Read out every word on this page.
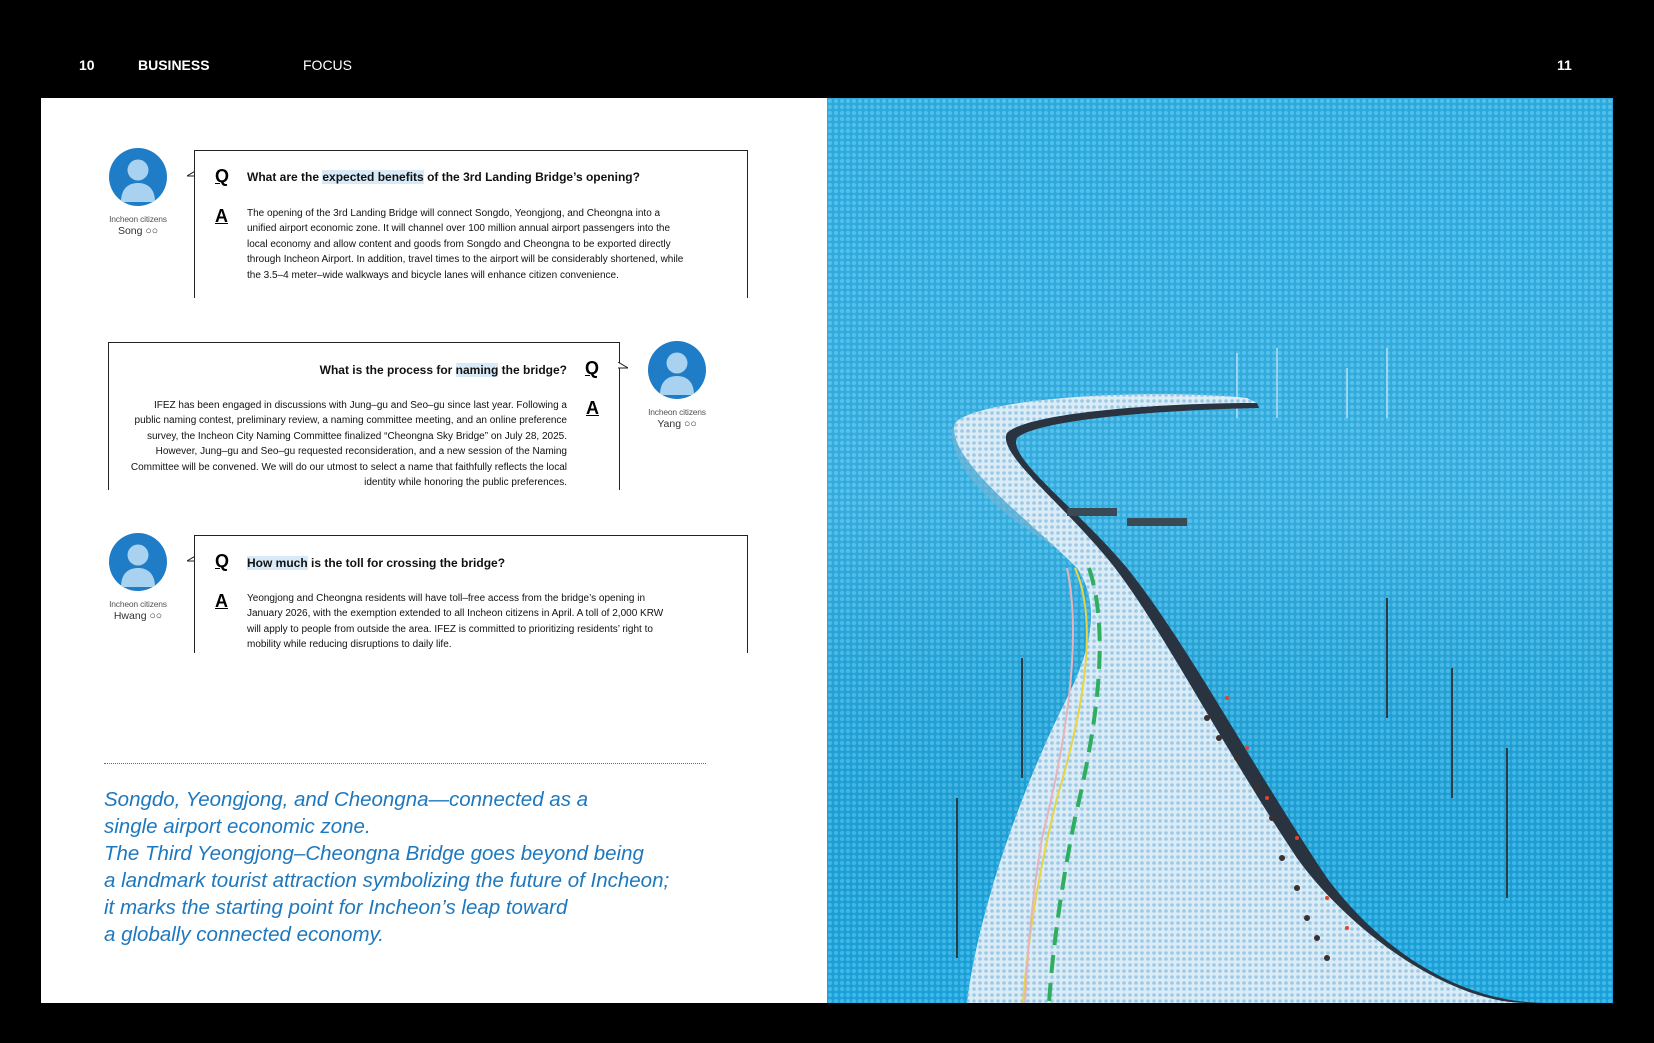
10	BUSINESS	FOCUS	11
Incheon citizens
Song ○○
Q What are the expected benefits of the 3rd Landing Bridge’s opening?
A The opening of the 3rd Landing Bridge will connect Songdo, Yeongjong, and Cheongna into a unified airport economic zone. It will channel over 100 million annual airport passengers into the local economy and allow content and goods from Songdo and Cheongna to be exported directly through Incheon Airport. In addition, travel times to the airport will be considerably shortened, while the 3.5–4 meter–wide walkways and bicycle lanes will enhance citizen convenience.
What is the process for naming the bridge? Q
IFEZ has been engaged in discussions with Jung–gu and Seo–gu since last year. Following a public naming contest, preliminary review, a naming committee meeting, and an online preference survey, the Incheon City Naming Committee finalized “Cheongna Sky Bridge” on July 28, 2025. However, Jung–gu and Seo–gu requested reconsideration, and a new session of the Naming Committee will be convened. We will do our utmost to select a name that faithfully reflects the local identity while honoring the public preferences.
A	Incheon citizens
Yang ○○
Incheon citizens
Hwang ○○
Q How much is the toll for crossing the bridge?
A Yeongjong and Cheongna residents will have toll–free access from the bridge’s opening in January 2026, with the exemption extended to all Incheon citizens in April. A toll of 2,000 KRW will apply to people from outside the area. IFEZ is committed to prioritizing residents’ right to mobility while reducing disruptions to daily life.
Songdo, Yeongjong, and Cheongna—connected as a
single airport economic zone.
The Third Yeongjong–Cheongna Bridge goes beyond being
a landmark tourist attraction symbolizing the future of Incheon;
it marks the starting point for Incheon’s leap toward
a globally connected economy.
